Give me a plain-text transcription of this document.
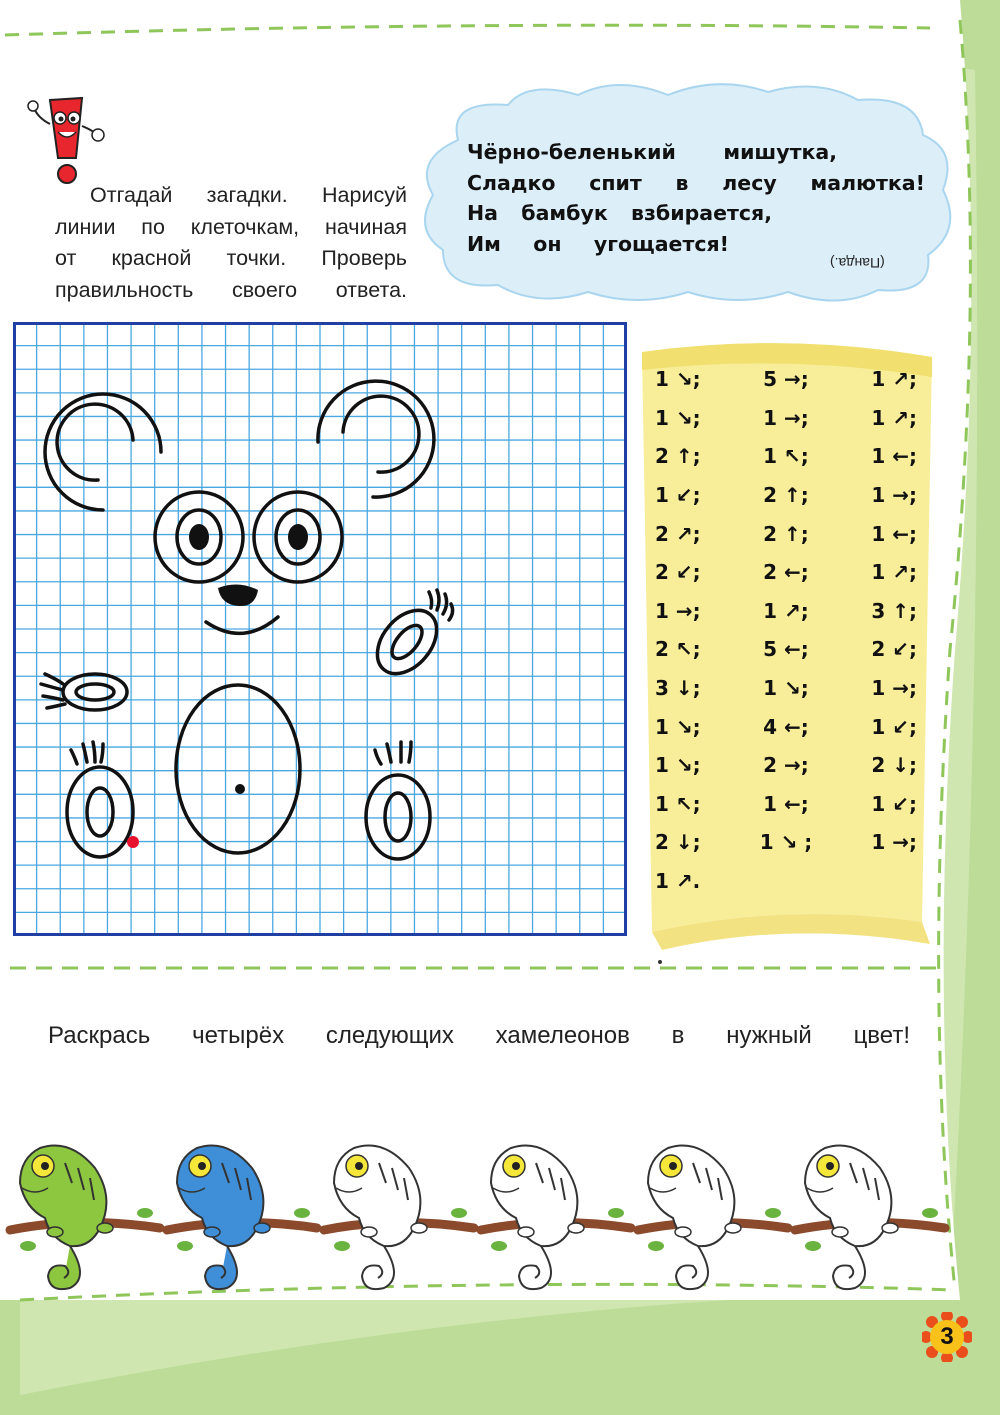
Отгадай загадки. Нарисуй
линии по клеточкам, начиная
от красной точки. Проверь
правильность своего ответа.
Чёрно-беленький мишутка,
Сладко спит в лесу малютка!
На бамбук взбирается,
Им он угощается!
(Панда.)
1 ↘;	5 →;	1 ↗;
1 ↘;	1 →;	1 ↗;
2 ↑;	1 ↖;	1 ←;
1 ↙;	2 ↑;	1 →;
2 ↗;	2 ↑;	1 ←;
2 ↙;	2 ←;	1 ↗;
1 →;	1 ↗;	3 ↑;
2 ↖;	5 ←;	2 ↙;
3 ↓;	1 ↘;	1 →;
1 ↘;	4 ←;	1 ↙;
1 ↘;	2 →;	2 ↓;
1 ↖;	1 ←;	1 ↙;
2 ↓;	1 ↘ ;	1 →;
1 ↗.
Раскрась четырёх следующих хамелеонов в нужный цвет!
3
